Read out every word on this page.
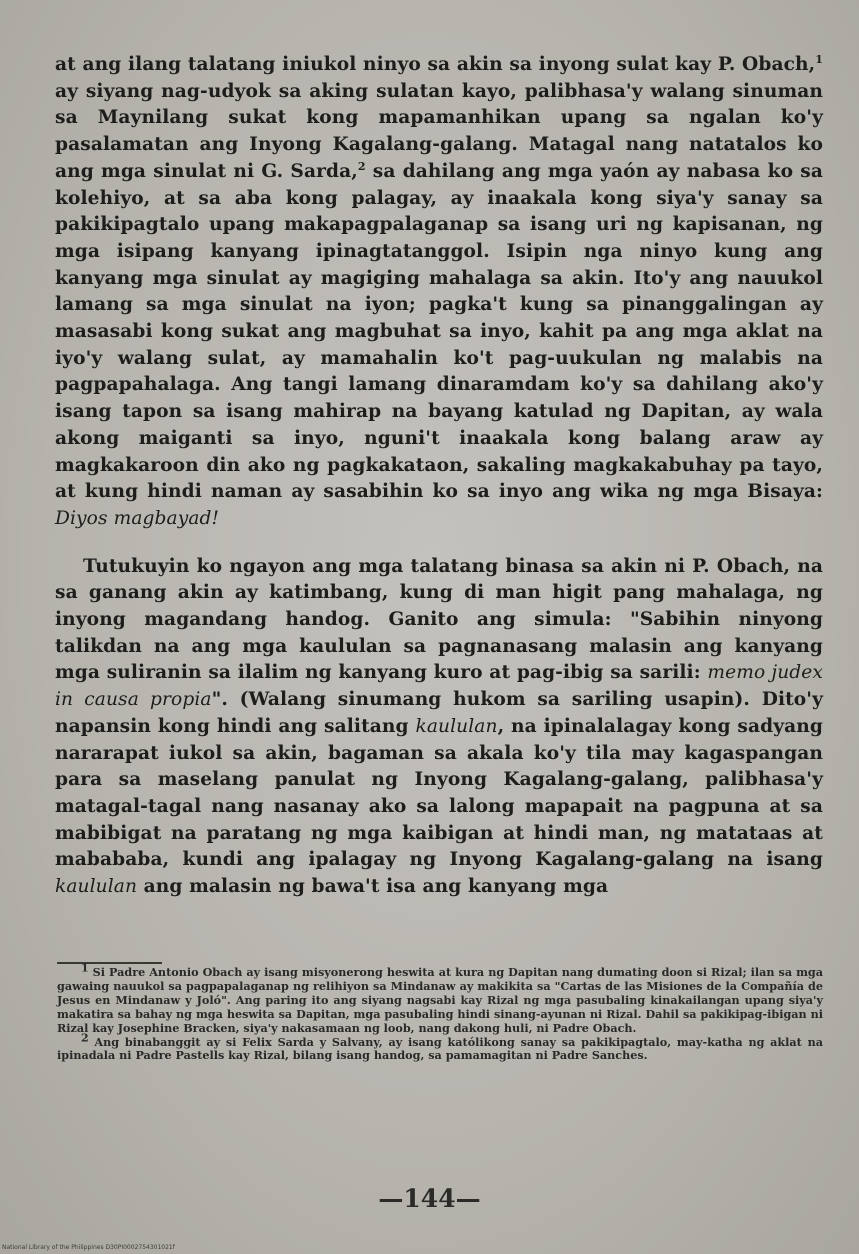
at ang ilang talatang iniukol ninyo sa akin sa inyong sulat kay P. Obach,$^1$ ay siyang nag-udyok sa aking sulatan kayo, palibhasa'y walang sinuman sa Maynilang sukat kong mapamanhikan upang sa ngalan ko'y pasalamatan ang Inyong Kagalang-galang. Matagal nang natatalos ko ang mga sinulat ni G. Sarda,$^2$ sa dahilang ang mga yaón ay nabasa ko sa kolehiyo, at sa aba kong palagay, ay inaakala kong siya'y sanay sa pakikipagtalo upang makapagpalaganap sa isang uri ng kapisanan, ng mga isipang kanyang ipinagtatanggol. Isipin nga ninyo kung ang kanyang mga sinulat ay magiging mahalaga sa akin. Ito'y ang nauukol lamang sa mga sinulat na iyon; pagka't kung sa pinanggalingan ay masasabi kong sukat ang magbuhat sa inyo, kahit pa ang mga aklat na iyo'y walang sulat, ay mamahalin ko't pag-uukulan ng malabis na pagpapahalaga. Ang tangi lamang dinaramdam ko'y sa dahilang ako'y isang tapon sa isang mahirap na bayang katulad ng Dapitan, ay wala akong maiganti sa inyo, nguni't inaakala kong balang araw ay magkakaroon din ako ng pagkakataon, sakaling magkakabuhay pa tayo, at kung hindi naman ay sasabihin ko sa inyo ang wika ng mga Bisaya: Diyos magbayad!

Tutukuyin ko ngayon ang mga talatang binasa sa akin ni P. Obach, na sa ganang akin ay katimbang, kung di man higit pang mahalaga, ng inyong magandang handog. Ganito ang simula: "Sabihin ninyong talikdan na ang mga kaululan sa pagnanasang malasin ang kanyang mga suliranin sa ilalim ng kanyang kuro at pag-ibig sa sarili: memo judex in causa propia". (Walang sinumang hukom sa sariling usapin). Dito'y napansin kong hindi ang salitang kaululan, na ipinalalagay kong sadyang nararapat iukol sa akin, bagaman sa akala ko'y tila may kagaspangan para sa maselang panulat ng Inyong Kagalang-galang, palibhasa'y matagal-tagal nang nasanay ako sa lalong mapapait na pagpuna at sa mabibigat na paratang ng mga kaibigan at hindi man, ng matataas at mabababa, kundi ang ipalagay ng Inyong Kagalang-galang na isang kaululan ang malasin ng bawa't isa ang kanyang mga

1 Si Padre Antonio Obach ay isang misyonerong heswita at kura ng Dapitan nang dumating doon si Rizal; ilan sa mga gawaing nauukol sa pagpapalaganap ng relihiyon sa Mindanaw ay makikita sa "Cartas de las Misiones de la Compañía de Jesus en Mindanaw y Joló". Ang paring ito ang siyang nagsabi kay Rizal ng mga pasubaling kinakailangan upang siya'y makatira sa bahay ng mga heswita sa Dapitan, mga pasubaling hindi sinang-ayunan ni Rizal. Dahil sa pakikipag-ibigan ni Rizal kay Josephine Bracken, siya'y nakasamaan ng loob, nang dakong huli, ni Padre Obach.

2 Ang binabanggit ay si Felix Sarda y Salvany, ay isang katólikong sanay sa pakikipagtalo, may-katha ng aklat na ipinadala ni Padre Pastells kay Rizal, bilang isang handog, sa pamamagitan ni Padre Sanches.

—144—
National Library of the Philippines D30PI0002754301021f
